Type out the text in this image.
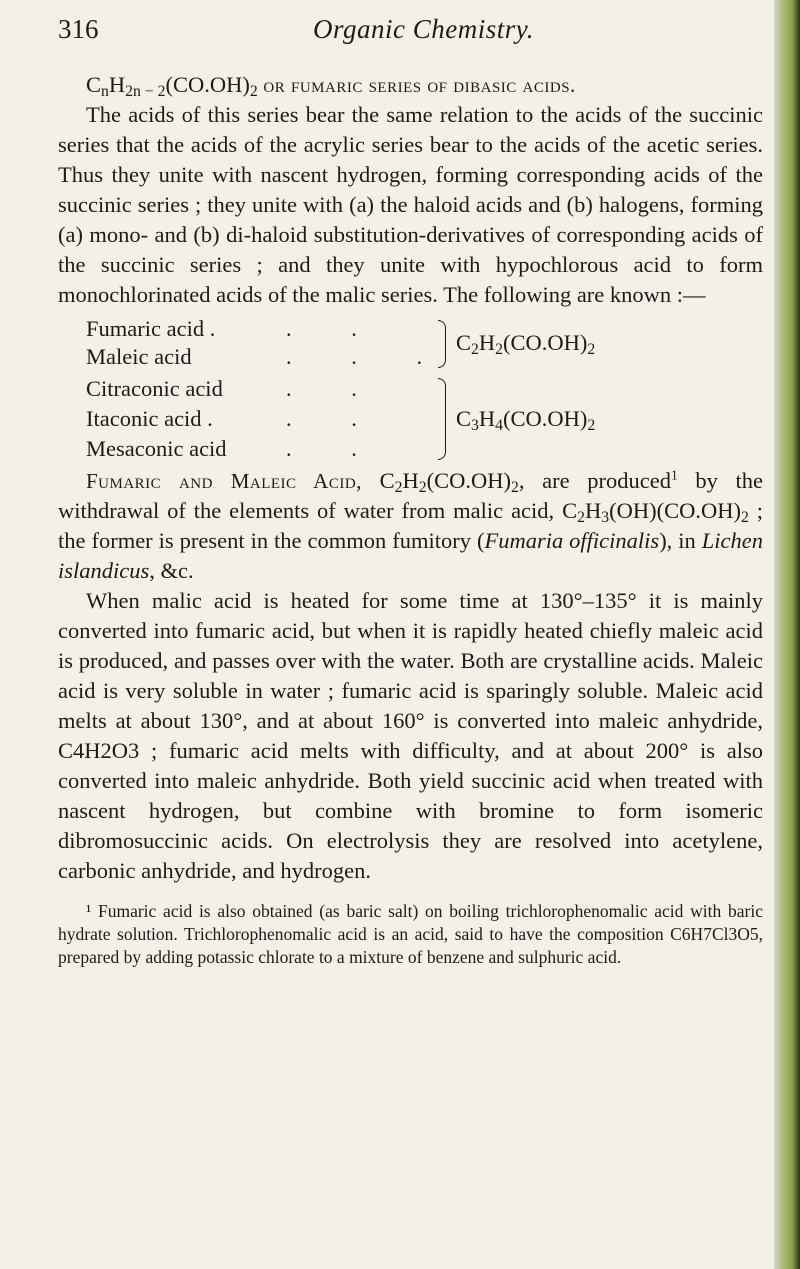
316	Organic Chemistry.

$C_nH_{2n - 2}(CO.OH)_2$ or fumaric series of dibasic acids.

The acids of this series bear the same relation to the acids of the succinic series that the acids of the acrylic series bear to the acids of the acetic series. Thus they unite with nascent hydrogen, forming corresponding acids of the succinic series ; they unite with (a) the haloid acids and (b) halogens, forming (a) mono- and (b) di-haloid substitution-derivatives of corresponding acids of the succinic series ; and they unite with hypochlorous acid to form monochlorinated acids of the malic series. The following are known :—

Fumaric acid .
Maleic acid
Citraconic acid
Itaconic acid .
Mesaconic acid
. .
. . .
. .
. .
. .
$C_2H_2(CO.OH)_2$
$C_3H_4(CO.OH)_2$

Fumaric and Maleic Acid, $C_2H_2(CO.OH)_2$, are produced$^1$ by the withdrawal of the elements of water from malic acid, $C_2H_3(OH)(CO.OH)_2$ ; the former is present in the common fumitory (Fumaria officinalis), in Lichen islandicus, &c.

When malic acid is heated for some time at 130°–135° it is mainly converted into fumaric acid, but when it is rapidly heated chiefly maleic acid is produced, and passes over with the water. Both are crystalline acids. Maleic acid is very soluble in water ; fumaric acid is sparingly soluble. Maleic acid melts at about 130°, and at about 160° is converted into maleic anhydride, C4H2O3 ; fumaric acid melts with difficulty, and at about 200° is also converted into maleic anhydride. Both yield succinic acid when treated with nascent hydrogen, but combine with bromine to form isomeric dibromosuccinic acids. On electrolysis they are resolved into acetylene, carbonic anhydride, and hydrogen.

¹ Fumaric acid is also obtained (as baric salt) on boiling trichlorophenomalic acid with baric hydrate solution. Trichlorophenomalic acid is an acid, said to have the composition C6H7Cl3O5, prepared by adding potassic chlorate to a mixture of benzene and sulphuric acid.
